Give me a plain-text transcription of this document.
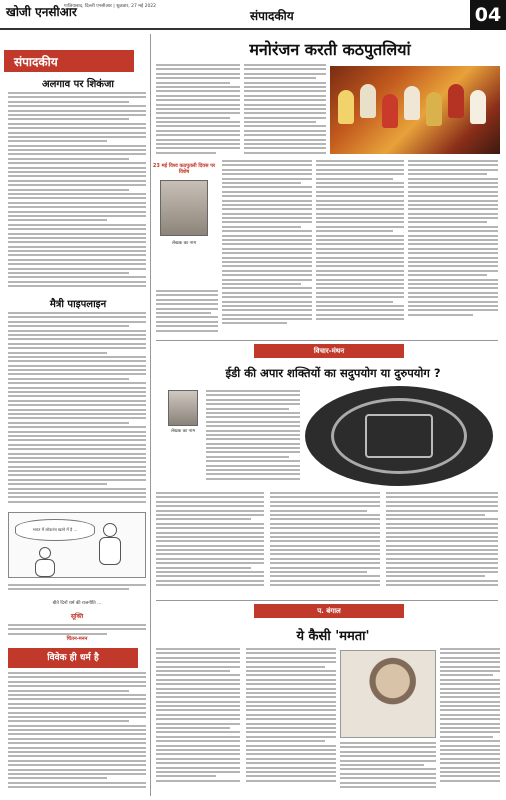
खोजी एनसीआर
गाजियाबाद, दिल्ली एनसीआर | शुक्रवार, 27 मई 2022
संपादकीय	04
संपादकीय
अलगाव पर शिकंजा
मैत्री पाइपलाइन
भारत में लोकतंत्र खतरे में है ...
बीते दिनों धर्म की राजनीति ...
सूक्ति
चिंतन-मनन
विवेक ही धर्म है
मनोरंजन करती कठपुतलियां
23 मई विश्व कठपुतली दिवस पर विशेष
लेखक का नाम
विचार-मंथन
ईडी की अपार शक्तियों का सदुपयोग या दुरुपयोग ?
लेखक का नाम
प. बंगाल
ये कैसी 'ममता'
